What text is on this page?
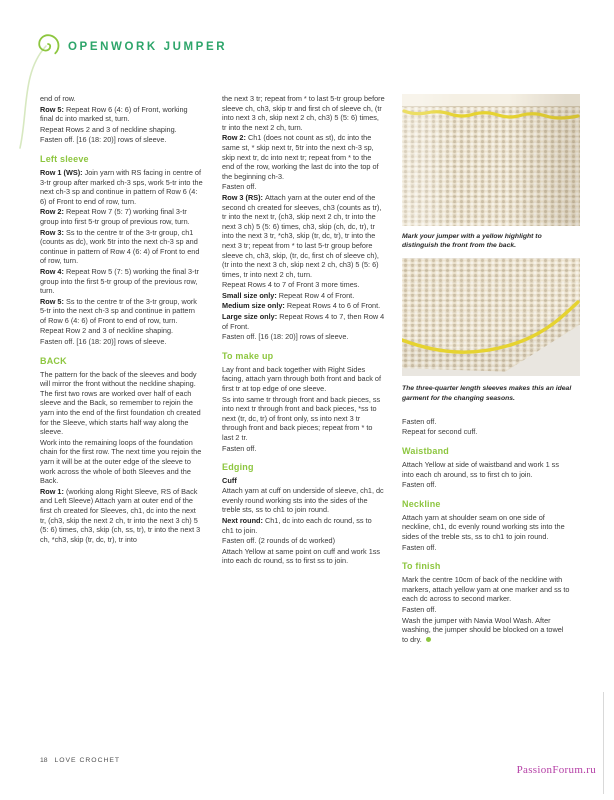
OPENWORK JUMPER

end of row.

Row 5: Repeat Row 6 (4: 6) of Front, working final dc into marked st, turn.

Repeat Rows 2 and 3 of neckline shaping.

Fasten off. [16 (18: 20)] rows of sleeve.

Left sleeve

Row 1 (WS): Join yarn with RS facing in centre of 3-tr group after marked ch-3 sps, work 5-tr into the next ch-3 sp and continue in pattern of Row 6 (4: 6) of Front to end of row, turn.

Row 2: Repeat Row 7 (5: 7) working final 3-tr group into first 5-tr group of previous row, turn.

Row 3: Ss to the centre tr of the 3-tr group, ch1 (counts as dc), work 5tr into the next ch-3 sp and continue in pattern of Row 4 (6: 4) of Front to end of row, turn.

Row 4: Repeat Row 5 (7: 5) working the final 3-tr group into the first 5-tr group of the previous row, turn.

Row 5: Ss to the centre tr of the 3-tr group, work 5-tr into the next ch-3 sp and continue in pattern of Row 6 (4: 6) of Front to end of row, turn.

Repeat Row 2 and 3 of neckline shaping.

Fasten off. [16 (18: 20)] rows of sleeve.

BACK

The pattern for the back of the sleeves and body will mirror the front without the neckline shaping. The first two rows are worked over half of each sleeve and the Back, so remember to rejoin the yarn into the end of the first foundation ch created for the Sleeve, which starts half way along the sleeve.

Work into the remaining loops of the foundation chain for the first row. The next time you rejoin the yarn it will be at the outer edge of the sleeve to work across the whole of both Sleeves and the Back.

Row 1: (working along Right Sleeve, RS of Back and Left Sleeve) Attach yarn at outer end of the first ch created for Sleeves, ch1, dc into the next tr, (ch3, skip the next 2 ch, tr into the next 3 ch) 5 (5: 6) times, ch3, skip (ch, ss, tr), tr into the next 3 ch, *ch3, skip (tr, dc, tr), tr into

the next 3 tr; repeat from * to last 5-tr group before sleeve ch, ch3, skip tr and first ch of sleeve ch, (tr into next 3 ch, skip next 2 ch, ch3) 5 (5: 6) times, tr into the next 2 ch, turn.

Row 2: Ch1 (does not count as st), dc into the same st, * skip next tr, 5tr into the next ch-3 sp, skip next tr, dc into next tr; repeat from * to the end of the row, working the last dc into the top of the beginning ch-3.

Fasten off.

Row 3 (RS): Attach yarn at the outer end of the second ch created for sleeves, ch3 (counts as tr), tr into the next tr, (ch3, skip next 2 ch, tr into the next 3 ch) 5 (5: 6) times, ch3, skip (ch, dc, tr), tr into the next 3 tr, *ch3, skip (tr, dc, tr), tr into the next 3 tr; repeat from * to last 5-tr group before sleeve ch, ch3, skip, (tr, dc, first ch of sleeve ch), (tr into the next 3 ch, skip next 2 ch, ch3) 5 (5: 6) times, tr into next 2 ch, turn.

Repeat Rows 4 to 7 of Front 3 more times.

Small size only: Repeat Row 4 of Front.

Medium size only: Repeat Rows 4 to 6 of Front.

Large size only: Repeat Rows 4 to 7, then Row 4 of Front.

Fasten off. [16 (18: 20)] rows of sleeve.

To make up

Lay front and back together with Right Sides facing, attach yarn through both front and back of first tr at top edge of one sleeve.

Ss into same tr through front and back pieces, ss into next tr through front and back pieces, *ss to next (tr, dc, tr) of front only, ss into next 3 tr through front and back pieces; repeat from * to last 2 tr.

Fasten off.

Edging
Cuff

Attach yarn at cuff on underside of sleeve, ch1, dc evenly round working sts into the sides of the treble sts, ss to ch1 to join round.

Next round: Ch1, dc into each dc round, ss to ch1 to join.

Fasten off. (2 rounds of dc worked)

Attach Yellow at same point on cuff and work 1ss into each dc round, ss to first ss to join.

Mark your jumper with a yellow highlight to distinguish the front from the back.
The three-quarter length sleeves makes this an ideal garment for the changing seasons.

Fasten off.

Repeat for second cuff.

Waistband

Attach Yellow at side of waistband and work 1 ss into each ch around, ss to first ch to join.

Fasten off.

Neckline

Attach yarn at shoulder seam on one side of neckline, ch1, dc evenly round working sts into the sides of the treble sts, ss to ch1 to join round.

Fasten off.

To finish

Mark the centre 10cm of back of the neckline with markers, attach yellow yarn at one marker and ss to each dc across to second marker.

Fasten off.

Wash the jumper with Navia Wool Wash. After washing, the jumper should be blocked on a towel to dry.

18 LOVE CROCHET
PassionForum.ru
